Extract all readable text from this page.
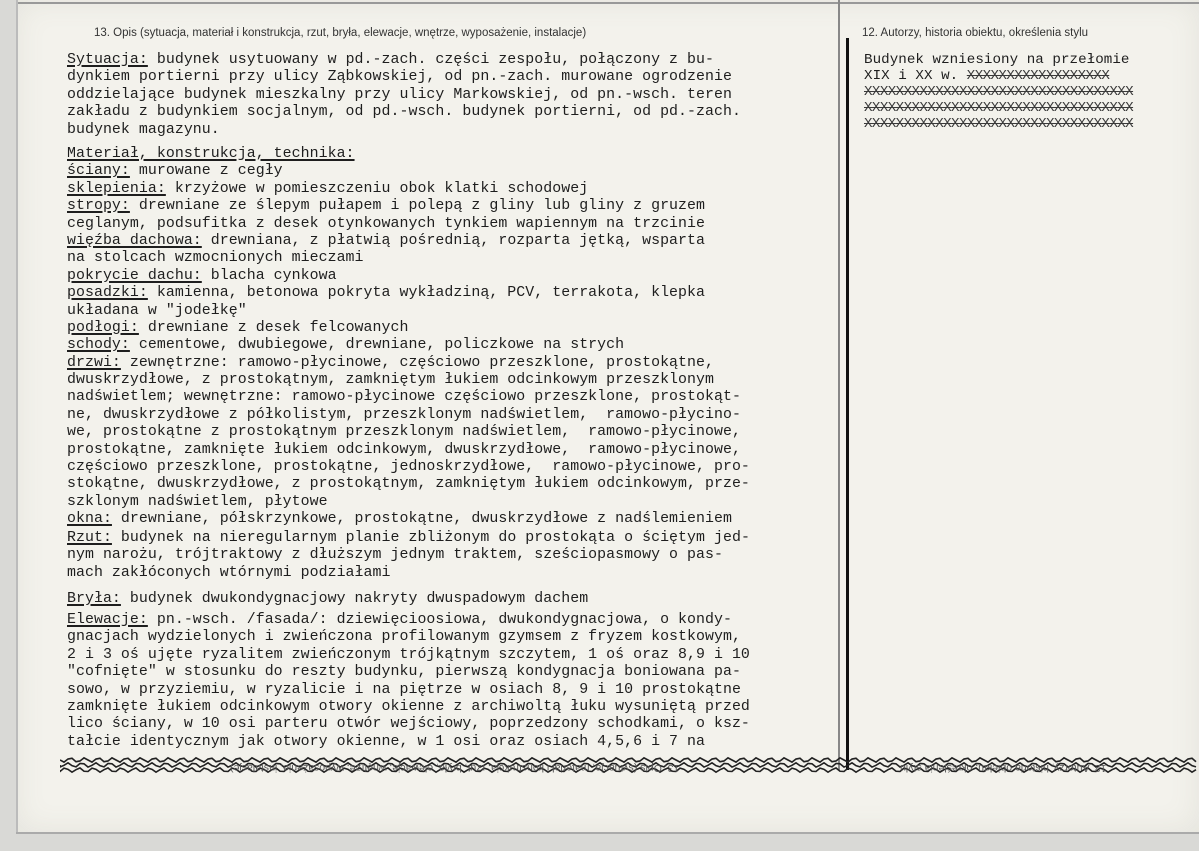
13. Opis (sytuacja, materiał i konstrukcja, rzut, bryła, elewacje, wnętrze, wyposażenie, instalacje)	12. Autorzy, historia obiektu, określenia stylu
Sytuacja: budynek usytuowany w pd.-zach. części zespołu, połączony z bu-
dynkiem portierni przy ulicy Ząbkowskiej, od pn.-zach. murowane ogrodzenie
oddzielające budynek mieszkalny przy ulicy Markowskiej, od pn.-wsch. teren
zakładu z budynkiem socjalnym, od pd.-wsch. budynek portierni, od pd.-zach.
budynek magazynu.
Materiał, konstrukcja, technika:
ściany: murowane z cegły
sklepienia: krzyżowe w pomieszczeniu obok klatki schodowej
stropy: drewniane ze ślepym pułapem i polepą z gliny lub gliny z gruzem
ceglanym, podsufitka z desek otynkowanych tynkiem wapiennym na trzcinie
więźba dachowa: drewniana, z płatwią pośrednią, rozparta jętką, wsparta
na stolcach wzmocnionych mieczami
pokrycie dachu: blacha cynkowa
posadzki: kamienna, betonowa pokryta wykładziną, PCV, terrakota, klepka
układana w "jodełkę"
podłogi: drewniane z desek felcowanych
schody: cementowe, dwubiegowe, drewniane, policzkowe na strych
drzwi: zewnętrzne: ramowo-płycinowe, częściowo przeszklone, prostokątne,
dwuskrzydłowe, z prostokątnym, zamkniętym łukiem odcinkowym przeszklonym
nadświetlem; wewnętrzne: ramowo-płycinowe częściowo przeszklone, prostokąt-
ne, dwuskrzydłowe z półkolistym, przeszklonym nadświetlem,  ramowo-płycino-
we, prostokątne z prostokątnym przeszklonym nadświetlem,  ramowo-płycinowe,
prostokątne, zamknięte łukiem odcinkowym, dwuskrzydłowe,  ramowo-płycinowe,
częściowo przeszklone, prostokątne, jednoskrzydłowe,  ramowo-płycinowe, pro-
stokątne, dwuskrzydłowe, z prostokątnym, zamkniętym łukiem odcinkowym, prze-
szklonym nadświetlem, płytowe
okna: drewniane, półskrzynkowe, prostokątne, dwuskrzydłowe z nadślemieniem
Rzut: budynek na nieregularnym planie zbliżonym do prostokąta o ściętym jed-
nym narożu, trójtraktowy z dłuższym jednym traktem, sześciopasmowy o pas-
mach zakłóconych wtórnymi podziałami
Bryła: budynek dwukondygnacjowy nakryty dwuspadowym dachem
Elewacje: pn.-wsch. /fasada/: dziewięcioosiowa, dwukondygnacjowa, o kondy-
gnacjach wydzielonych i zwieńczona profilowanym gzymsem z fryzem kostkowym,
2 i 3 oś ujęte ryzalitem zwieńczonym trójkątnym szczytem, 1 oś oraz 8,9 i 10
"cofnięte" w stosunku do reszty budynku, pierwszą kondygnacja boniowana pa-
sowo, w przyziemiu, w ryzalicie i na piętrze w osiach 8, 9 i 10 prostokątne
zamknięte łukiem odcinkowym otwory okienne z archiwoltą łuku wysuniętą przed
lico ściany, w 10 osi parteru otwór wejściowy, poprzedzony schodkami, o ksz-
tałcie identycznym jak otwory okienne, w 1 osi oraz osiach 4,5,6 i 7 na
Budynek wzniesiony na przełomie
XIX i XX w. XXXXXXXXXXXXXXXXXX
XXXXXXXXXXXXXXXXXXXXXXXXXXXXXXXXXX
XXXXXXXXXXXXXXXXXXXXXXXXXXXXXXXXXX
XXXXXXXXXXXXXXXXXXXXXXXXXXXXXXXXXX
13. Opis (sytuacja, materiał i konstrukcja, rzut, bryła, elewacje, wnętrze, wyposażenie, instalacje)	12. Autorzy, historia obiektu, określenia stylu
